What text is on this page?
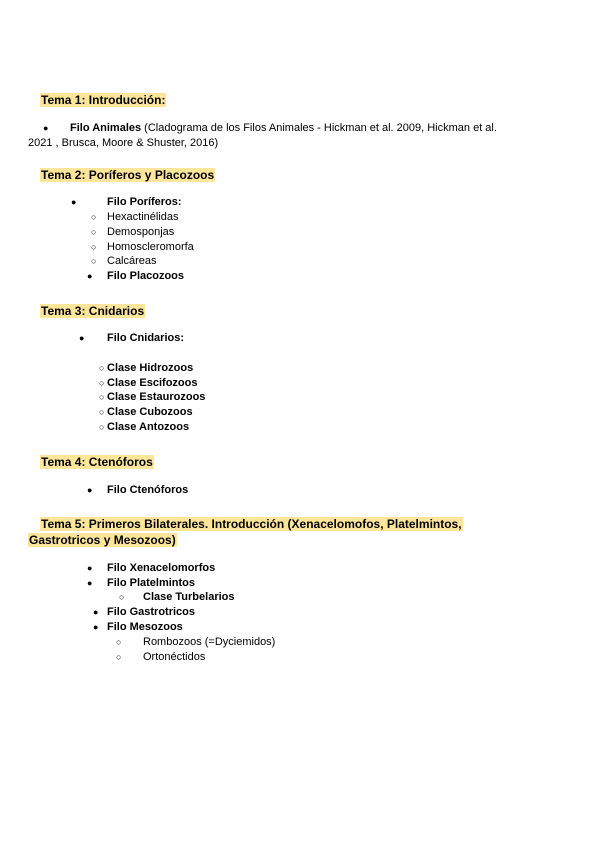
Tema 1: Introducción:
● Filo Animales (Cladograma de los Filos Animales - Hickman et al. 2009, Hickman et al.
2021 , Brusca, Moore & Shuster, 2016)
Tema 2: Poríferos y Placozoos
●	Filo Poríferos:
○ Hexactinélidas
○ Demosponjas
○ Homoscleromorfa
○ Calcáreas
● Filo Placozoos
Tema 3: Cnidarios
● Filo Cnidarios:
○ Clase Hidrozoos
○ Clase Escifozoos
○ Clase Estaurozoos
○ Clase Cubozoos
○ Clase Antozoos
Tema 4: Ctenóforos
● Filo Ctenóforos
Tema 5: Primeros Bilaterales. Introducción (Xenacelomofos, Platelmintos,
Gastrotricos y Mesozoos)
● Filo Xenacelomorfos
● Filo Platelmintos
○ Clase Turbelarios
● Filo Gastrotricos
● Filo Mesozoos
○ Rombozoos (=Dyciemidos)
○ Ortonéctidos
